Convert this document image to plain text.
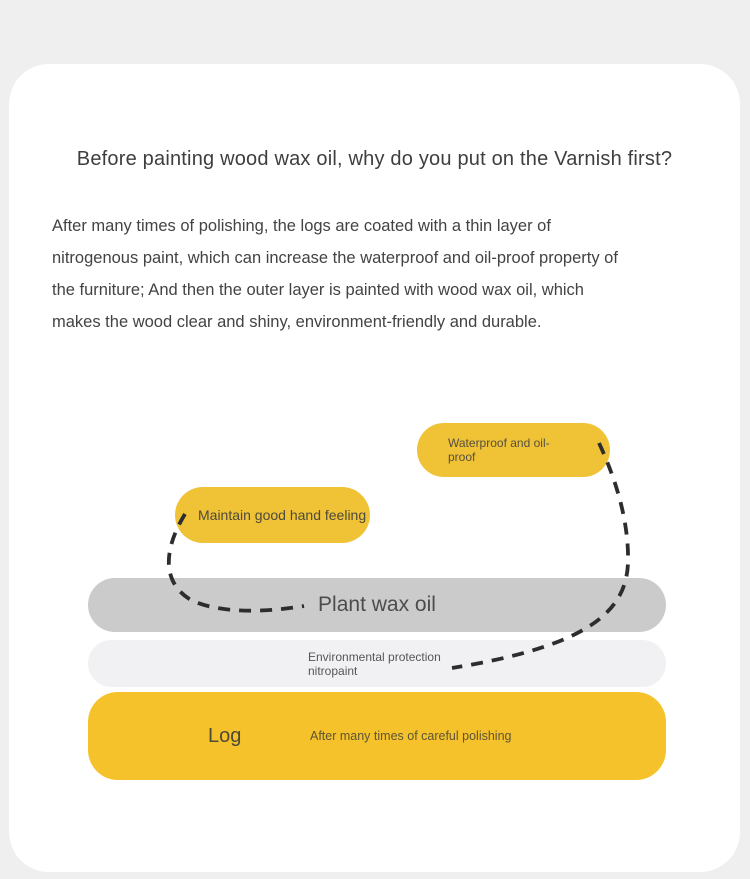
Before painting wood wax oil, why do you put on the Varnish first?
After many times of polishing, the logs are coated with a thin layer of
nitrogenous paint, which can increase the waterproof and oil-proof property of
the furniture; And then the outer layer is painted with wood wax oil, which
makes the wood clear and shiny, environment-friendly and durable.
Waterproof and oil-proof
Maintain good hand feeling
Plant wax oil
Environmental protection nitropaint
Log	After many times of careful polishing
